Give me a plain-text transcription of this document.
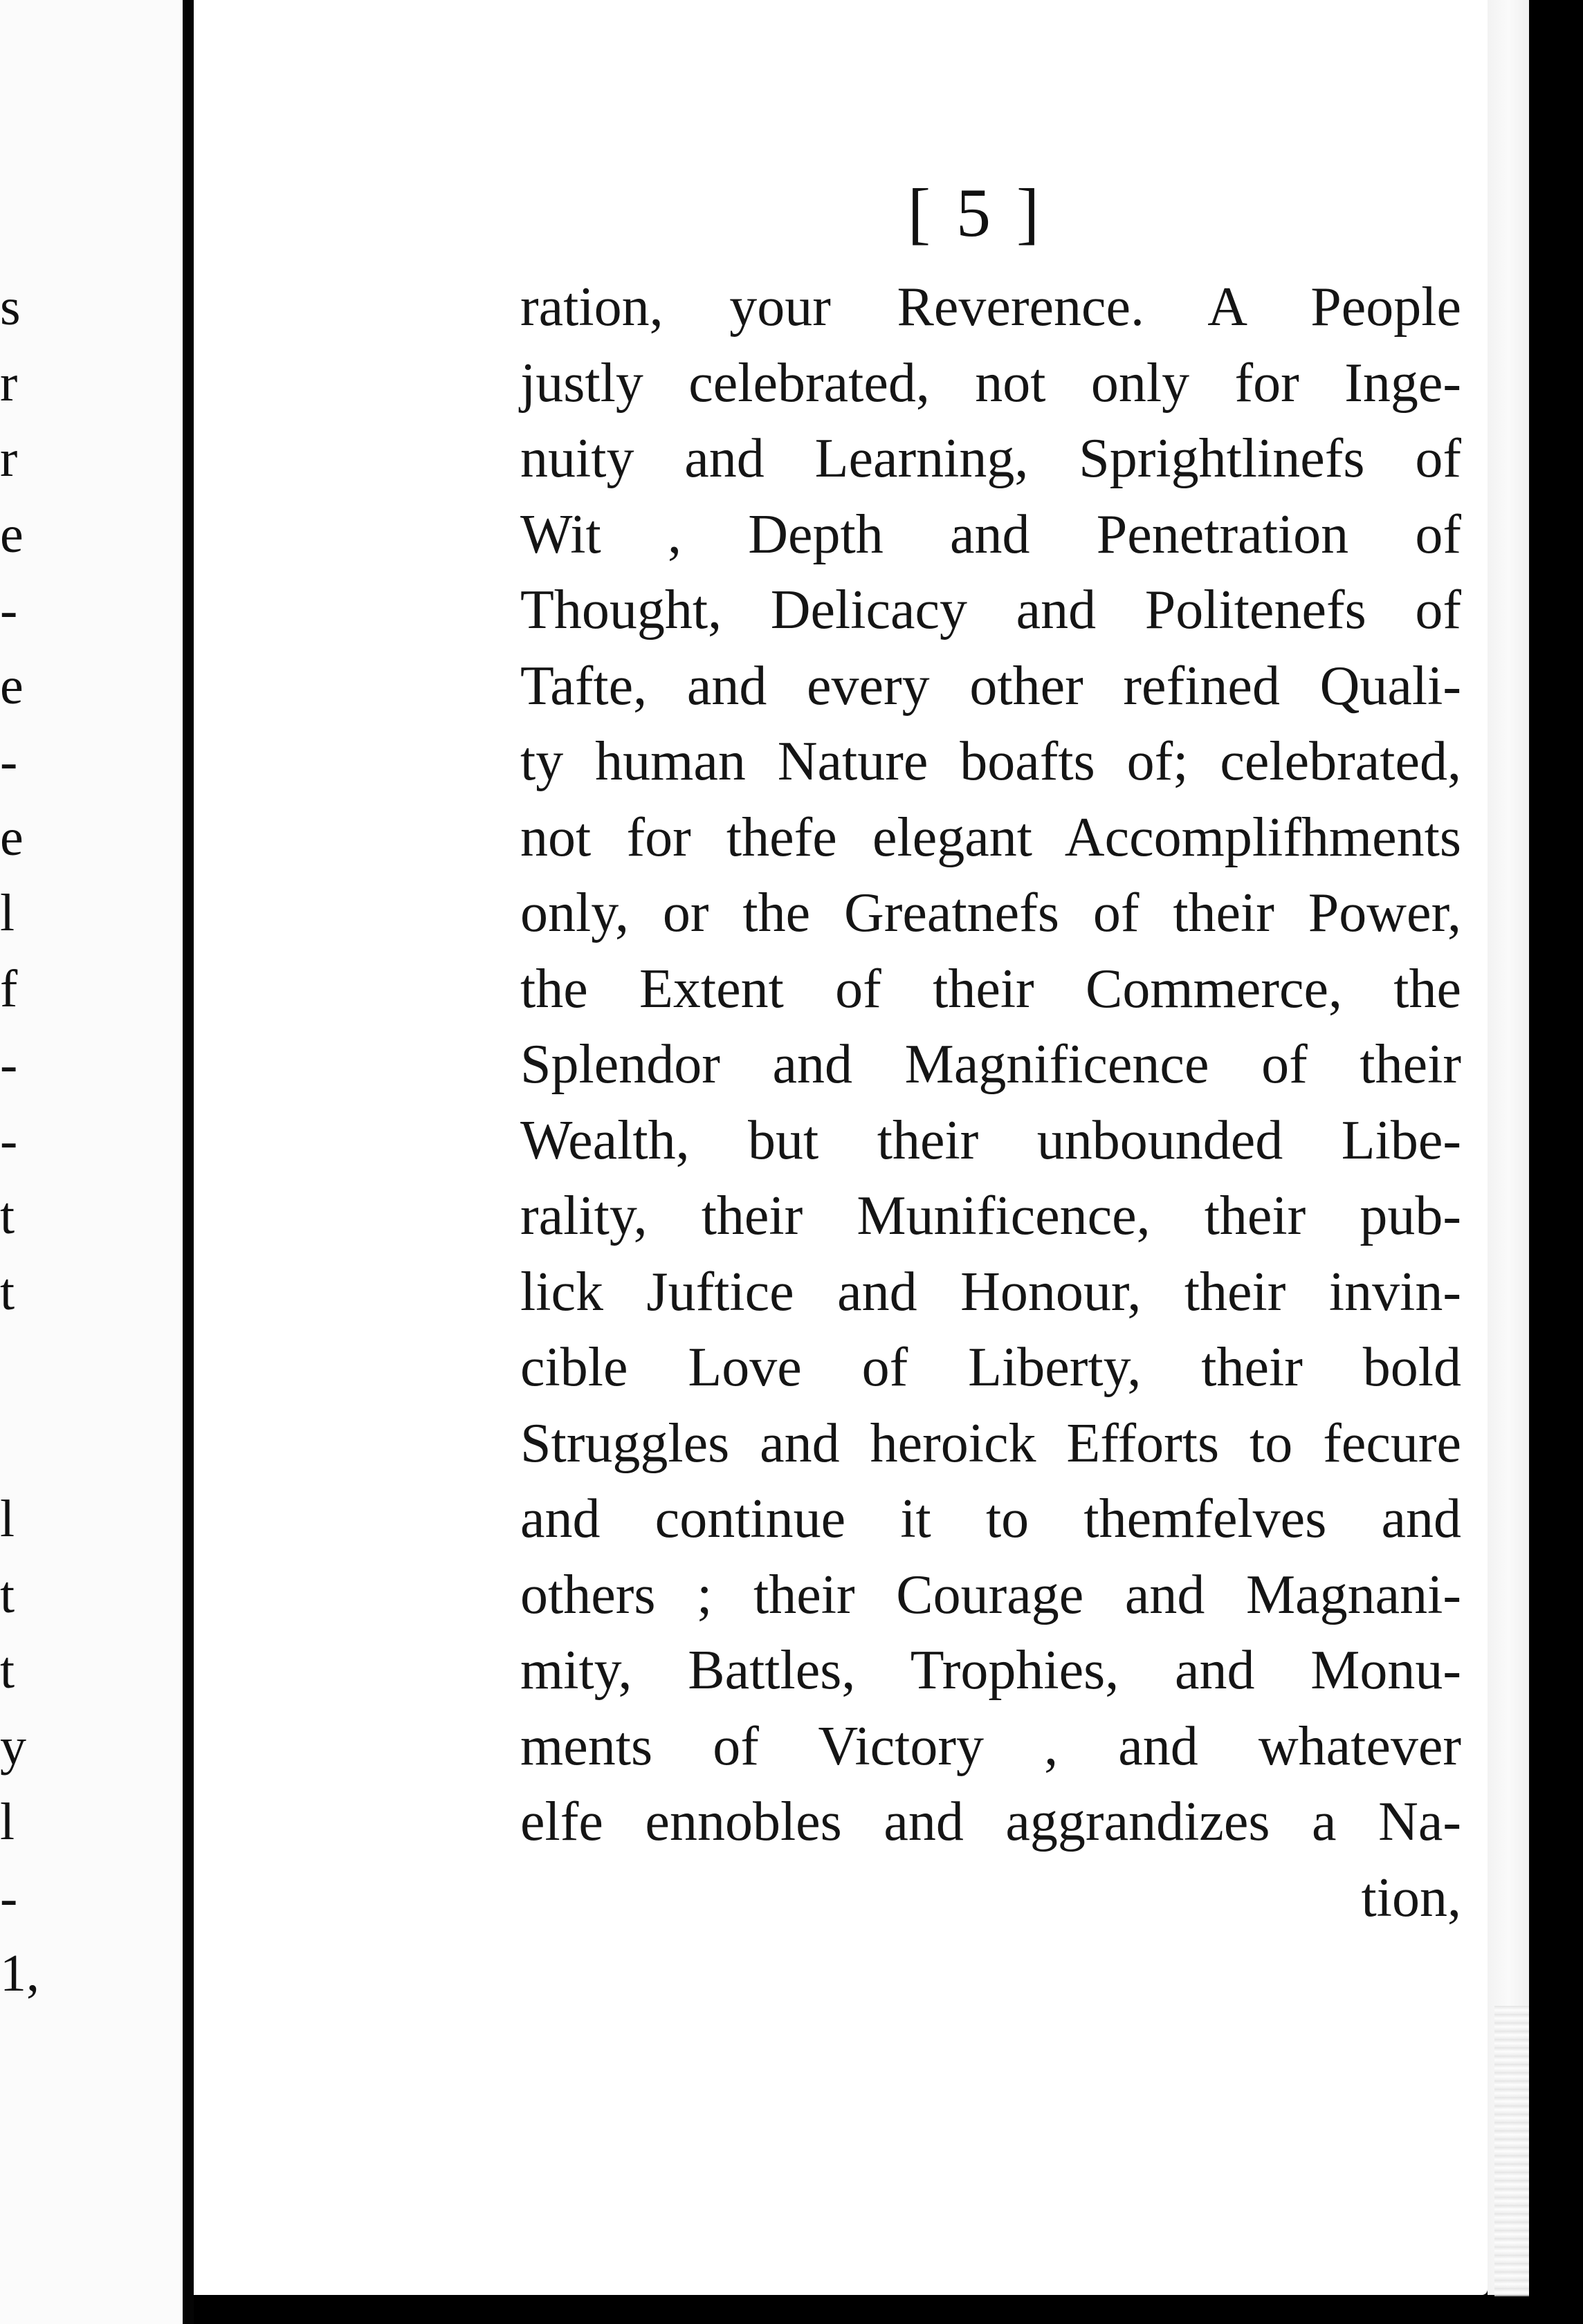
s
r
r
e
-
e
-
e
l
f
-
-
t
t
l
t
t
y
l
-
1,
[ 5 ]
ration, your Reverence. A People
justly celebrated, not only for Inge-
nuity and Learning, Sprightlinefs of
Wit , Depth and Penetration of
Thought, Delicacy and Politenefs of
Tafte, and every other refined Quali-
ty human Nature boafts of; celebrated,
not for thefe elegant Accomplifhments
only, or the Greatnefs of their Power,
the Extent of their Commerce, the
Splendor and Magnificence of their
Wealth, but their unbounded Libe-
rality, their Munificence, their pub-
lick Juftice and Honour, their invin-
cible Love of Liberty, their bold
Struggles and heroick Efforts to fecure
and continue it to themfelves and
others ; their Courage and Magnani-
mity, Battles, Trophies, and Monu-
ments of Victory , and whatever
elfe ennobles and aggrandizes a Na-
tion,
